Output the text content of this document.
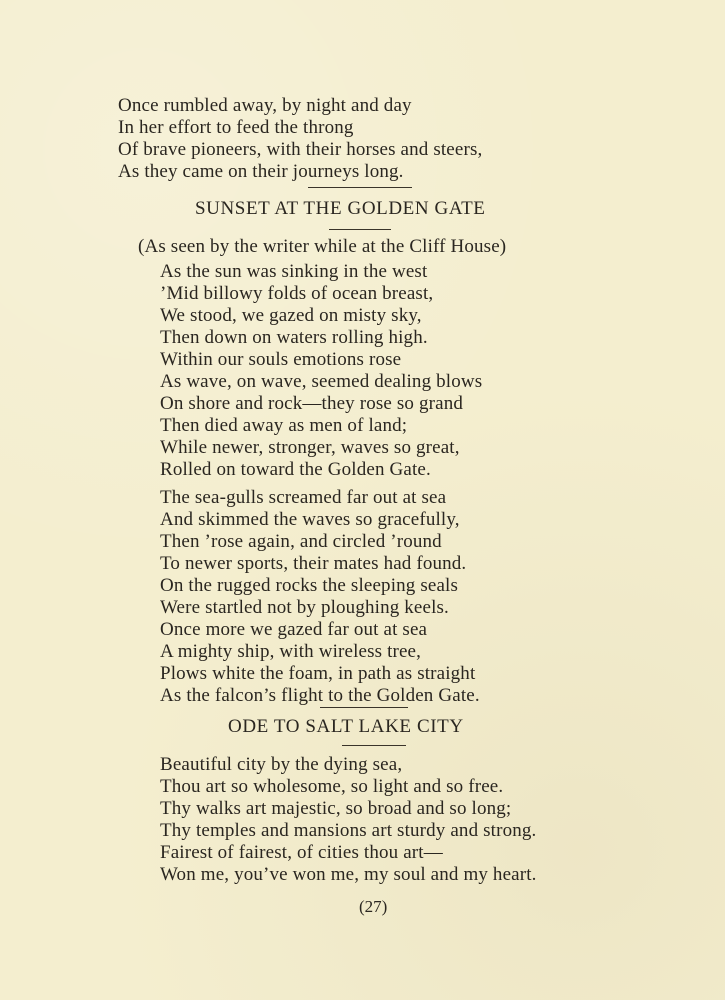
Once rumbled away, by night and day
In her effort to feed the throng
Of brave pioneers, with their horses and steers,
As they came on their journeys long.
SUNSET AT THE GOLDEN GATE
(As seen by the writer while at the Cliff House)
As the sun was sinking in the west
’Mid billowy folds of ocean breast,
We stood, we gazed on misty sky,
Then down on waters rolling high.
Within our souls emotions rose
As wave, on wave, seemed dealing blows
On shore and rock—they rose so grand
Then died away as men of land;
While newer, stronger, waves so great,
Rolled on toward the Golden Gate.
The sea-gulls screamed far out at sea
And skimmed the waves so gracefully,
Then ’rose again, and circled ’round
To newer sports, their mates had found.
On the rugged rocks the sleeping seals
Were startled not by ploughing keels.
Once more we gazed far out at sea
A mighty ship, with wireless tree,
Plows white the foam, in path as straight
As the falcon’s flight to the Golden Gate.
ODE TO SALT LAKE CITY
Beautiful city by the dying sea,
Thou art so wholesome, so light and so free.
Thy walks art majestic, so broad and so long;
Thy temples and mansions art sturdy and strong.
Fairest of fairest, of cities thou art—
Won me, you’ve won me, my soul and my heart.
(27)
